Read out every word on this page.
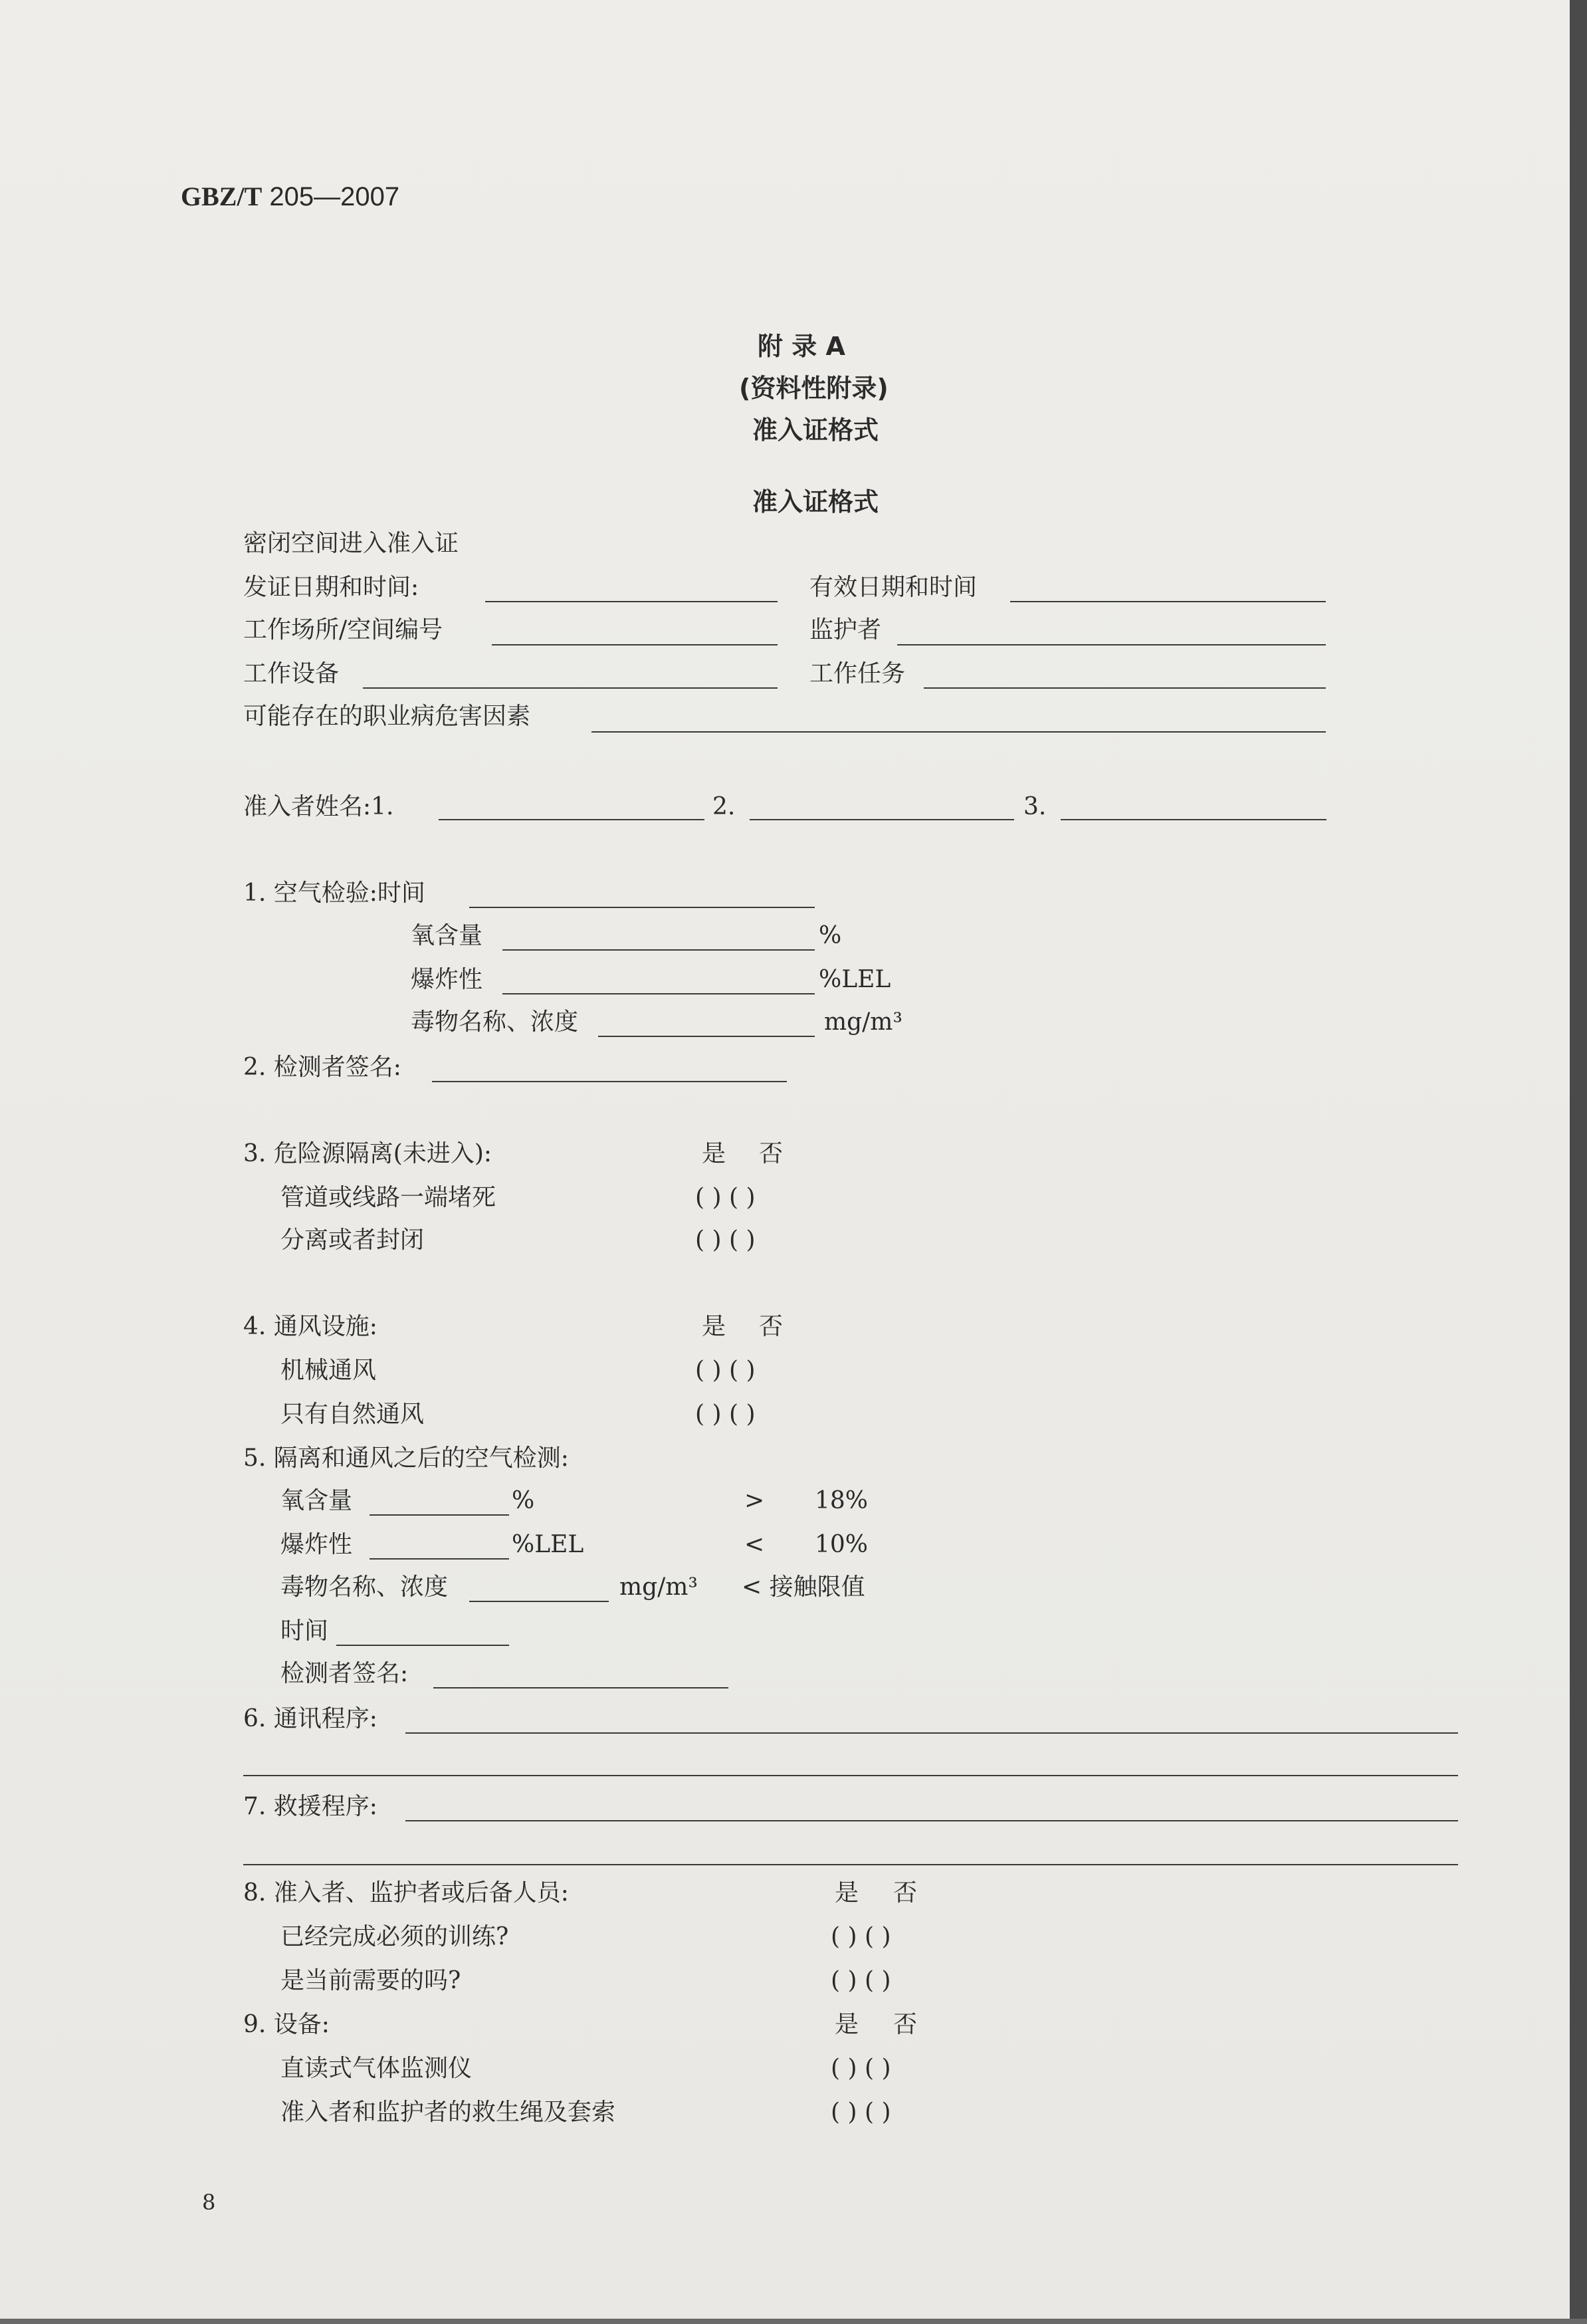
GBZ/T 205—2007
附 录 A
(资料性附录)
准入证格式
准入证格式
密闭空间进入准入证
发证日期和时间:	有效日期和时间
工作场所/空间编号	监护者
工作设备	工作任务
可能存在的职业病危害因素
准入者姓名:1.	2.	3.
1. 空气检验:时间
氧含量	%
爆炸性	%LEL
毒物名称、浓度	mg/m³
2. 检测者签名:
3. 危险源隔离(未进入):	是 否
管道或线路一端堵死	( ) ( )
分离或者封闭	( ) ( )
4. 通风设施:	是 否
机械通风	( ) ( )
只有自然通风	( ) ( )
5. 隔离和通风之后的空气检测:
氧含量	%	> 18%
爆炸性	%LEL	< 10%
毒物名称、浓度	mg/m³ < 接触限值
时间
检测者签名:
6. 通讯程序:
7. 救援程序:
8. 准入者、监护者或后备人员:	是 否
已经完成必须的训练?	( ) ( )
是当前需要的吗?	( ) ( )
9. 设备:	是 否
直读式气体监测仪	( ) ( )
准入者和监护者的救生绳及套索	( ) ( )
8
